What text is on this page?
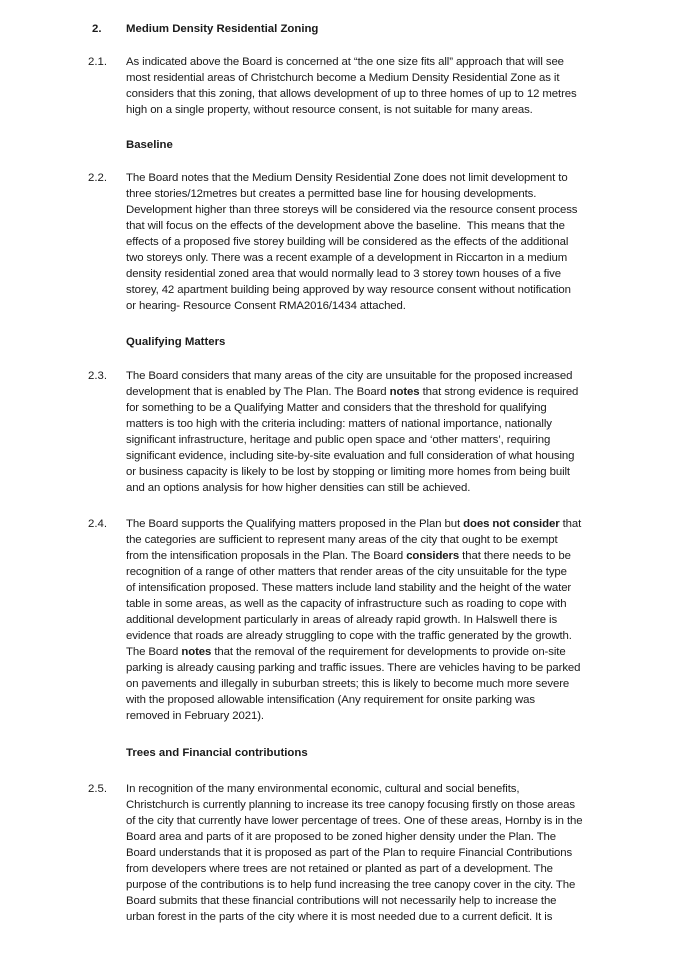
2. Medium Density Residential Zoning
2.1. As indicated above the Board is concerned at “the one size fits all” approach that will see
most residential areas of Christchurch become a Medium Density Residential Zone as it
considers that this zoning, that allows development of up to three homes of up to 12 metres
high on a single property, without resource consent, is not suitable for many areas.
Baseline
2.2. The Board notes that the Medium Density Residential Zone does not limit development to
three stories/12metres but creates a permitted base line for housing developments.
Development higher than three storeys will be considered via the resource consent process
that will focus on the effects of the development above the baseline.  This means that the
effects of a proposed five storey building will be considered as the effects of the additional
two storeys only. There was a recent example of a development in Riccarton in a medium
density residential zoned area that would normally lead to 3 storey town houses of a five
storey, 42 apartment building being approved by way resource consent without notification
or hearing- Resource Consent RMA2016/1434 attached.
Qualifying Matters
2.3. The Board considers that many areas of the city are unsuitable for the proposed increased
development that is enabled by The Plan. The Board notes that strong evidence is required
for something to be a Qualifying Matter and considers that the threshold for qualifying
matters is too high with the criteria including: matters of national importance, nationally
significant infrastructure, heritage and public open space and ‘other matters’, requiring
significant evidence, including site-by-site evaluation and full consideration of what housing
or business capacity is likely to be lost by stopping or limiting more homes from being built
and an options analysis for how higher densities can still be achieved.
2.4. The Board supports the Qualifying matters proposed in the Plan but does not consider that
the categories are sufficient to represent many areas of the city that ought to be exempt
from the intensification proposals in the Plan. The Board considers that there needs to be
recognition of a range of other matters that render areas of the city unsuitable for the type
of intensification proposed. These matters include land stability and the height of the water
table in some areas, as well as the capacity of infrastructure such as roading to cope with
additional development particularly in areas of already rapid growth. In Halswell there is
evidence that roads are already struggling to cope with the traffic generated by the growth.
The Board notes that the removal of the requirement for developments to provide on-site
parking is already causing parking and traffic issues. There are vehicles having to be parked
on pavements and illegally in suburban streets; this is likely to become much more severe
with the proposed allowable intensification (Any requirement for onsite parking was
removed in February 2021).
Trees and Financial contributions
2.5. In recognition of the many environmental economic, cultural and social benefits,
Christchurch is currently planning to increase its tree canopy focusing firstly on those areas
of the city that currently have lower percentage of trees. One of these areas, Hornby is in the
Board area and parts of it are proposed to be zoned higher density under the Plan. The
Board understands that it is proposed as part of the Plan to require Financial Contributions
from developers where trees are not retained or planted as part of a development. The
purpose of the contributions is to help fund increasing the tree canopy cover in the city. The
Board submits that these financial contributions will not necessarily help to increase the
urban forest in the parts of the city where it is most needed due to a current deficit. It is
